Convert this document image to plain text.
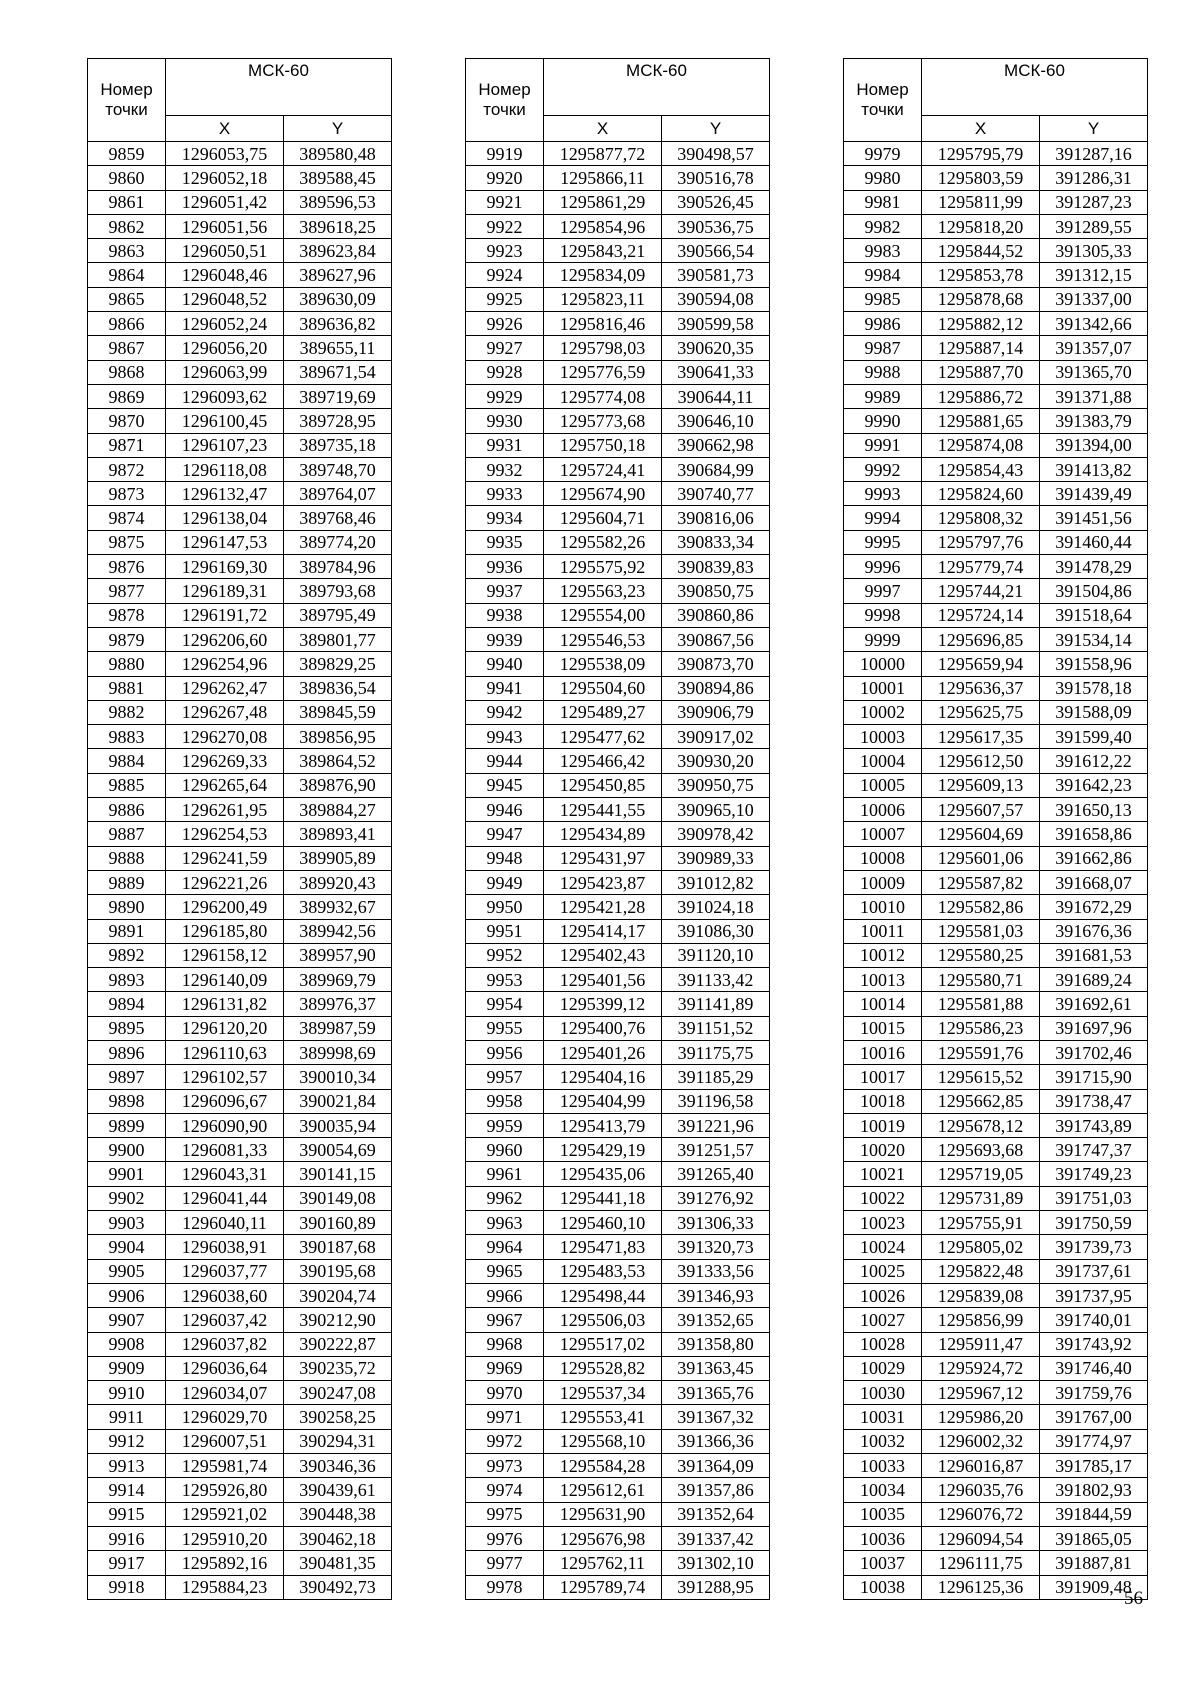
Номер точки	МСК-60	
	X	Y
9859	1296053,75	389580,48
9860	1296052,18	389588,45
9861	1296051,42	389596,53
9862	1296051,56	389618,25
9863	1296050,51	389623,84
9864	1296048,46	389627,96
9865	1296048,52	389630,09
9866	1296052,24	389636,82
9867	1296056,20	389655,11
9868	1296063,99	389671,54
9869	1296093,62	389719,69
9870	1296100,45	389728,95
9871	1296107,23	389735,18
9872	1296118,08	389748,70
9873	1296132,47	389764,07
9874	1296138,04	389768,46
9875	1296147,53	389774,20
9876	1296169,30	389784,96
9877	1296189,31	389793,68
9878	1296191,72	389795,49
9879	1296206,60	389801,77
9880	1296254,96	389829,25
9881	1296262,47	389836,54
9882	1296267,48	389845,59
9883	1296270,08	389856,95
9884	1296269,33	389864,52
9885	1296265,64	389876,90
9886	1296261,95	389884,27
9887	1296254,53	389893,41
9888	1296241,59	389905,89
9889	1296221,26	389920,43
9890	1296200,49	389932,67
9891	1296185,80	389942,56
9892	1296158,12	389957,90
9893	1296140,09	389969,79
9894	1296131,82	389976,37
9895	1296120,20	389987,59
9896	1296110,63	389998,69
9897	1296102,57	390010,34
9898	1296096,67	390021,84
9899	1296090,90	390035,94
9900	1296081,33	390054,69
9901	1296043,31	390141,15
9902	1296041,44	390149,08
9903	1296040,11	390160,89
9904	1296038,91	390187,68
9905	1296037,77	390195,68
9906	1296038,60	390204,74
9907	1296037,42	390212,90
9908	1296037,82	390222,87
9909	1296036,64	390235,72
9910	1296034,07	390247,08
9911	1296029,70	390258,25
9912	1296007,51	390294,31
9913	1295981,74	390346,36
9914	1295926,80	390439,61
9915	1295921,02	390448,38
9916	1295910,20	390462,18
9917	1295892,16	390481,35
9918	1295884,23	390492,73
Номер точки	МСК-60	
	X	Y
9919	1295877,72	390498,57
9920	1295866,11	390516,78
9921	1295861,29	390526,45
9922	1295854,96	390536,75
9923	1295843,21	390566,54
9924	1295834,09	390581,73
9925	1295823,11	390594,08
9926	1295816,46	390599,58
9927	1295798,03	390620,35
9928	1295776,59	390641,33
9929	1295774,08	390644,11
9930	1295773,68	390646,10
9931	1295750,18	390662,98
9932	1295724,41	390684,99
9933	1295674,90	390740,77
9934	1295604,71	390816,06
9935	1295582,26	390833,34
9936	1295575,92	390839,83
9937	1295563,23	390850,75
9938	1295554,00	390860,86
9939	1295546,53	390867,56
9940	1295538,09	390873,70
9941	1295504,60	390894,86
9942	1295489,27	390906,79
9943	1295477,62	390917,02
9944	1295466,42	390930,20
9945	1295450,85	390950,75
9946	1295441,55	390965,10
9947	1295434,89	390978,42
9948	1295431,97	390989,33
9949	1295423,87	391012,82
9950	1295421,28	391024,18
9951	1295414,17	391086,30
9952	1295402,43	391120,10
9953	1295401,56	391133,42
9954	1295399,12	391141,89
9955	1295400,76	391151,52
9956	1295401,26	391175,75
9957	1295404,16	391185,29
9958	1295404,99	391196,58
9959	1295413,79	391221,96
9960	1295429,19	391251,57
9961	1295435,06	391265,40
9962	1295441,18	391276,92
9963	1295460,10	391306,33
9964	1295471,83	391320,73
9965	1295483,53	391333,56
9966	1295498,44	391346,93
9967	1295506,03	391352,65
9968	1295517,02	391358,80
9969	1295528,82	391363,45
9970	1295537,34	391365,76
9971	1295553,41	391367,32
9972	1295568,10	391366,36
9973	1295584,28	391364,09
9974	1295612,61	391357,86
9975	1295631,90	391352,64
9976	1295676,98	391337,42
9977	1295762,11	391302,10
9978	1295789,74	391288,95
Номер точки	МСК-60	
	X	Y
9979	1295795,79	391287,16
9980	1295803,59	391286,31
9981	1295811,99	391287,23
9982	1295818,20	391289,55
9983	1295844,52	391305,33
9984	1295853,78	391312,15
9985	1295878,68	391337,00
9986	1295882,12	391342,66
9987	1295887,14	391357,07
9988	1295887,70	391365,70
9989	1295886,72	391371,88
9990	1295881,65	391383,79
9991	1295874,08	391394,00
9992	1295854,43	391413,82
9993	1295824,60	391439,49
9994	1295808,32	391451,56
9995	1295797,76	391460,44
9996	1295779,74	391478,29
9997	1295744,21	391504,86
9998	1295724,14	391518,64
9999	1295696,85	391534,14
10000	1295659,94	391558,96
10001	1295636,37	391578,18
10002	1295625,75	391588,09
10003	1295617,35	391599,40
10004	1295612,50	391612,22
10005	1295609,13	391642,23
10006	1295607,57	391650,13
10007	1295604,69	391658,86
10008	1295601,06	391662,86
10009	1295587,82	391668,07
10010	1295582,86	391672,29
10011	1295581,03	391676,36
10012	1295580,25	391681,53
10013	1295580,71	391689,24
10014	1295581,88	391692,61
10015	1295586,23	391697,96
10016	1295591,76	391702,46
10017	1295615,52	391715,90
10018	1295662,85	391738,47
10019	1295678,12	391743,89
10020	1295693,68	391747,37
10021	1295719,05	391749,23
10022	1295731,89	391751,03
10023	1295755,91	391750,59
10024	1295805,02	391739,73
10025	1295822,48	391737,61
10026	1295839,08	391737,95
10027	1295856,99	391740,01
10028	1295911,47	391743,92
10029	1295924,72	391746,40
10030	1295967,12	391759,76
10031	1295986,20	391767,00
10032	1296002,32	391774,97
10033	1296016,87	391785,17
10034	1296035,76	391802,93
10035	1296076,72	391844,59
10036	1296094,54	391865,05
10037	1296111,75	391887,81
10038	1296125,36	391909,48
56
